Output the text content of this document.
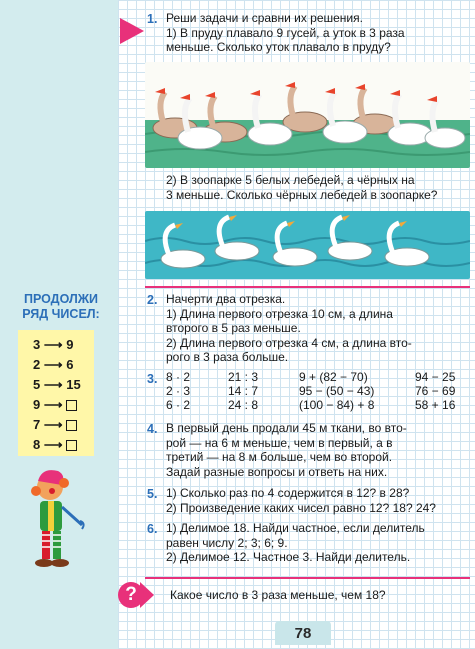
ПРОДОЛЖИ
РЯД ЧИСЕЛ:
3 ⟶ 9
2 ⟶ 6
5 ⟶ 15
9 ⟶
7 ⟶
8 ⟶
1. Реши задачи и сравни их решения.
1) В пруду плавало 9 гусей, а уток в 3 раза
меньше. Сколько уток плавало в пруду?
2) В зоопарке 5 белых лебедей, а чёрных на
3 меньше. Сколько чёрных лебедей в зоопарке?
2. Начерти два отрезка.
1) Длина первого отрезка 10 см, а длина
второго в 5 раз меньше.
2) Длина первого отрезка 4 см, а длина вто-
рого в 3 раза больше.
3. 8 · 2	21 : 3	9 + (82 − 70)	94 − 25
2 · 3	14 : 7	95 − (50 − 43)	76 − 69
6 · 2	24 : 8	(100 − 84) + 8	58 + 16
4. В первый день продали 45 м ткани, во вто-
рой — на 6 м меньше, чем в первый, а в
третий — на 8 м больше, чем во второй.
Задай разные вопросы и ответь на них.
5. 1) Сколько раз по 4 содержится в 12? в 28?
2) Произведение каких чисел равно 12? 18? 24?
6. 1) Делимое 18. Найди частное, если делитель
равен числу 2; 3; 6; 9.
2) Делимое 12. Частное 3. Найди делитель.
?	Какое число в 3 раза меньше, чем 18?
78
